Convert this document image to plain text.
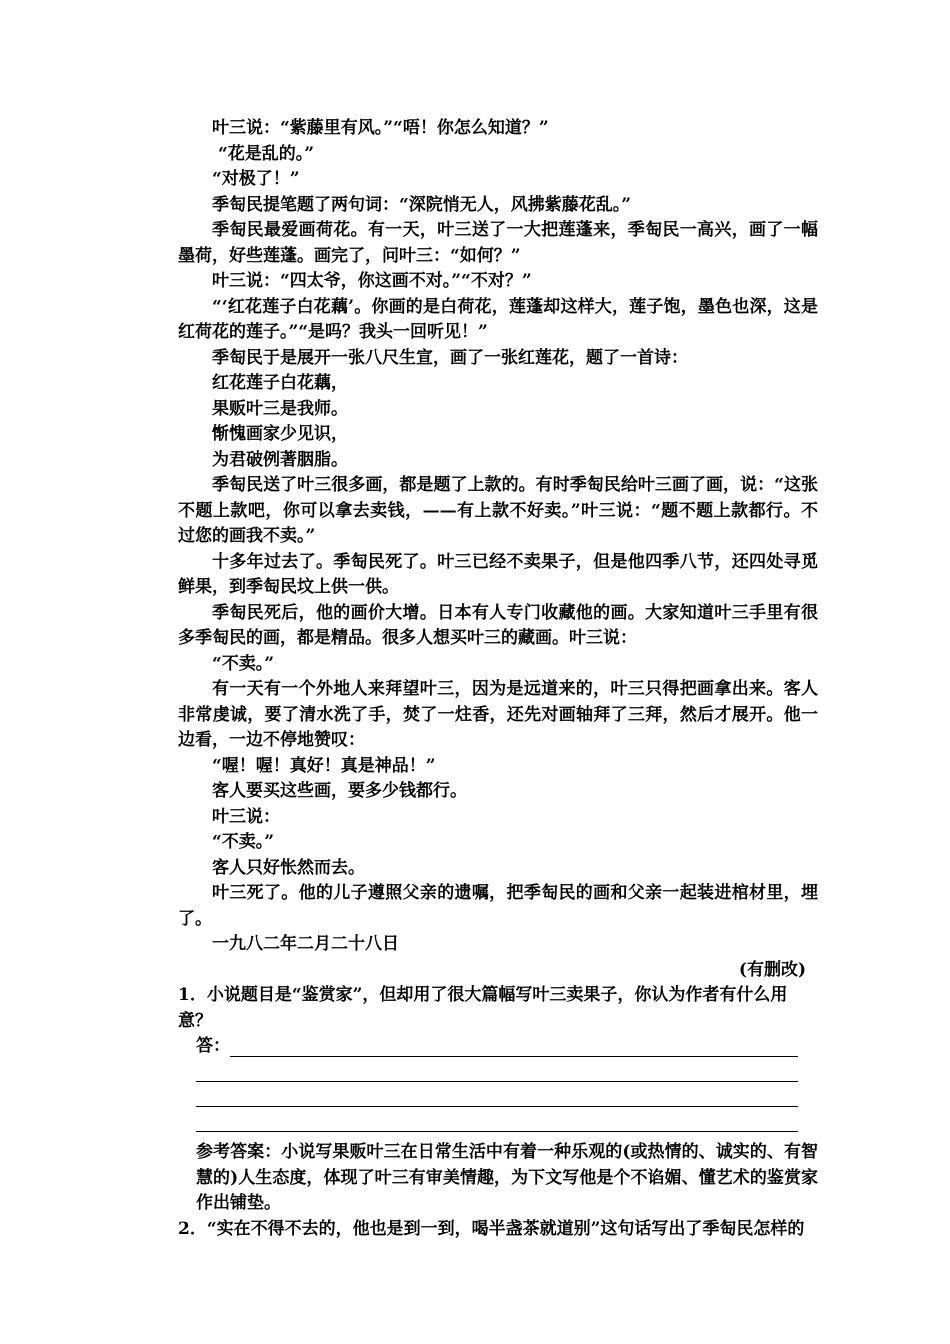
叶三说：“紫藤里有风。”“唔！你怎么知道？”

“花是乱的。”

“对极了！”

季匋民提笔题了两句词：“深院悄无人，风拂紫藤花乱。”

季匋民最爱画荷花。有一天，叶三送了一大把莲蓬来，季匋民一高兴，画了一幅墨荷，好些莲蓬。画完了，问叶三：“如何？”

叶三说：“四太爷，你这画不对。”“不对？”

“‘红花莲子白花藕’。你画的是白荷花，莲蓬却这样大，莲子饱，墨色也深，这是红荷花的莲子。”“是吗？我头一回听见！”

季匋民于是展开一张八尺生宣，画了一张红莲花，题了一首诗：

红花莲子白花藕，

果贩叶三是我师。

惭愧画家少见识，

为君破例著胭脂。

季匋民送了叶三很多画，都是题了上款的。有时季匋民给叶三画了画，说：“这张不题上款吧，你可以拿去卖钱，——有上款不好卖。”叶三说：“题不题上款都行。不过您的画我不卖。”

十多年过去了。季匋民死了。叶三已经不卖果子，但是他四季八节，还四处寻觅鲜果，到季匋民坟上供一供。

季匋民死后，他的画价大增。日本有人专门收藏他的画。大家知道叶三手里有很多季匋民的画，都是精品。很多人想买叶三的藏画。叶三说：

“不卖。”

有一天有一个外地人来拜望叶三，因为是远道来的，叶三只得把画拿出来。客人非常虔诚，要了清水洗了手，焚了一炷香，还先对画轴拜了三拜，然后才展开。他一边看，一边不停地赞叹：

“喔！喔！真好！真是神品！”

客人要买这些画，要多少钱都行。

叶三说：

“不卖。”

客人只好怅然而去。

叶三死了。他的儿子遵照父亲的遗嘱，把季匋民的画和父亲一起装进棺材里，埋了。

一九八二年二月二十八日

(有删改)

1．小说题目是“鉴赏家”，但却用了很大篇幅写叶三卖果子，你认为作者有什么用意？

答：

参考答案：小说写果贩叶三在日常生活中有着一种乐观的(或热情的、诚实的、有智慧的)人生态度，体现了叶三有审美情趣，为下文写他是个不谄媚、懂艺术的鉴赏家作出铺垫。

2．“实在不得不去的，他也是到一到，喝半盏茶就道别”这句话写出了季匋民怎样的
